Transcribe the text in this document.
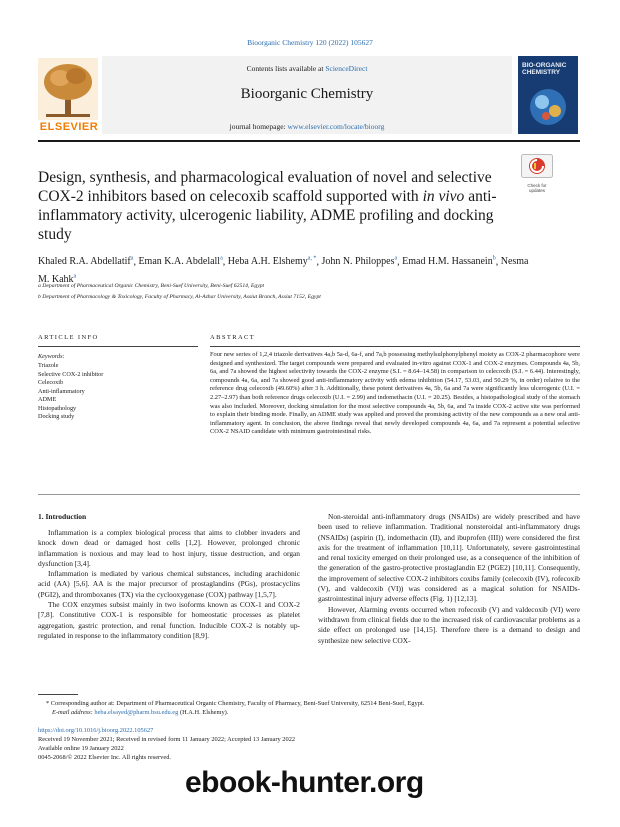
Bioorganic Chemistry 120 (2022) 105627
ELSEVIER
Contents lists available at ScienceDirect
Bioorganic Chemistry
journal homepage: www.elsevier.com/locate/bioorg
BIO-ORGANIC CHEMISTRY
Design, synthesis, and pharmacological evaluation of novel and selective COX-2 inhibitors based on celecoxib scaffold supported with in vivo anti-inflammatory activity, ulcerogenic liability, ADME profiling and docking study
Check for updates
Khaled R.A. Abdellatif$^a$, Eman K.A. Abdelall$^a$, Heba A.H. Elshemy$^{a, *}$, John N. Philoppes$^a$, Emad H.M. Hassanein$^b$, Nesma M. Kahk$^a$
a Department of Pharmaceutical Organic Chemistry, Beni-Suef University, Beni-Suef 62514, Egypt
b Department of Pharmacology & Toxicology, Faculty of Pharmacy, Al-Azhar University, Assiut Branch, Assiut 7152, Egypt
ARTICLE INFO	ABSTRACT
Keywords:
Triazole
Selective COX-2 inhibitor
Celecoxib
Anti-inflammatory
ADME
Histopathology
Docking study
Four new series of 1,2,4 triazole derivatives 4a,b 5a-d, 6a-f, and 7a,b possessing methylsulphonylphenyl moiety as COX-2 pharmacophore were designed and synthesized. The target compounds were prepared and evaluated in-vitro against COX-1 and COX-2 enzymes. Compounds 4a, 5b, 6a, and 7a showed the highest selectivity towards the COX-2 enzyme (S.I. = 8.64–14.58) in comparison to celecoxib (S.I. = 6.44). Interestingly, compounds 4a, 6a, and 7a showed good anti-inflammatory activity with edema inhibition (54.17, 53.03, and 50.29 %, in order) relative to the reference drug celecoxib (49.60%) after 3 h. Additionally, these potent derivatives 4a, 5b, 6a and 7a were significantly less ulcerogenic (U.I. = 2.27–2.97) than both reference drugs celecoxib (U.I. = 2.99) and indomethacin (U.I. = 20.25). Besides, a histopathological study of the stomach was also included. Moreover, docking simulation for the most selective compounds 4a, 5b, 6a, and 7a inside COX-2 active site was performed to explain their binding mode. Finally, an ADME study was applied and proved the promising activity of the new compounds as a new oral anti-inflammatory agent. In conclusion, the above findings reveal that newly developed compounds 4a, 6a, and 7a represent a potential selective COX-2 NSAID candidate with minimum gastrointestinal risks.
1. Introduction

Inflammation is a complex biological process that aims to clobber invaders and knock down dead or damaged host cells [1,2]. However, prolonged chronic inflammation is noxious and may lead to host injury, tissue destruction, and organ dysfunction [3,4].

Inflammation is mediated by various chemical substances, including arachidonic acid (AA) [5,6]. AA is the major precursor of prostaglandins (PGs), prostacyclins (PGI2), and thromboxanes (TX) via the cyclooxygenase (COX) pathway [1,5,7].

The COX enzymes subsist mainly in two isoforms known as COX-1 and COX-2 [7,8]. Constitutive COX-1 is responsible for homeostatic processes as platelet aggregation, gastric protection, and renal function. Inducible COX-2 is notably up-regulated in response to the inflammatory condition [8,9].

Non-steroidal anti-inflammatory drugs (NSAIDs) are widely prescribed and have been used to relieve inflammation. Traditional nonsteroidal anti-inflammatory drugs (NSAIDs) (aspirin (I), indomethacin (II), and ibuprofen (III)) were considered the first axis for the treatment of inflammation [10,11]. Unfortunately, severe gastrointestinal and renal toxicity emerged on their prolonged use, as a consequence of the inhibition of the generation of the gastro-protective prostaglandin E2 (PGE2) [10,11]. Consequently, the improvement of selective COX-2 inhibitors coxibs family (celecoxib (IV), rofecoxib (V), and valdecoxib (VI)) was considered as a magical solution for NSAIDs-gastrointestinal injury adverse effects (Fig. 1) [12,13].

However, Alarming events occurred when rofecoxib (V) and valdecoxib (VI) were withdrawn from clinical fields due to the increased risk of cardiovascular problems as a side effect on prolonged use [14,15]. Therefore there is a demand to design and synthesize new selective COX-

* Corresponding author at: Department of Pharmaceutical Organic Chemistry, Faculty of Pharmacy, Beni-Suef University, 62514 Beni-Suef, Egypt.
E-mail address: heba.elsayed@pharm.bsu.edu.eg (H.A.H. Elshemy).
https://doi.org/10.1016/j.bioorg.2022.105627
Received 19 November 2021; Received in revised form 11 January 2022; Accepted 13 January 2022
Available online 19 January 2022
0045-2068/© 2022 Elsevier Inc. All rights reserved.
ebook-hunter.org
